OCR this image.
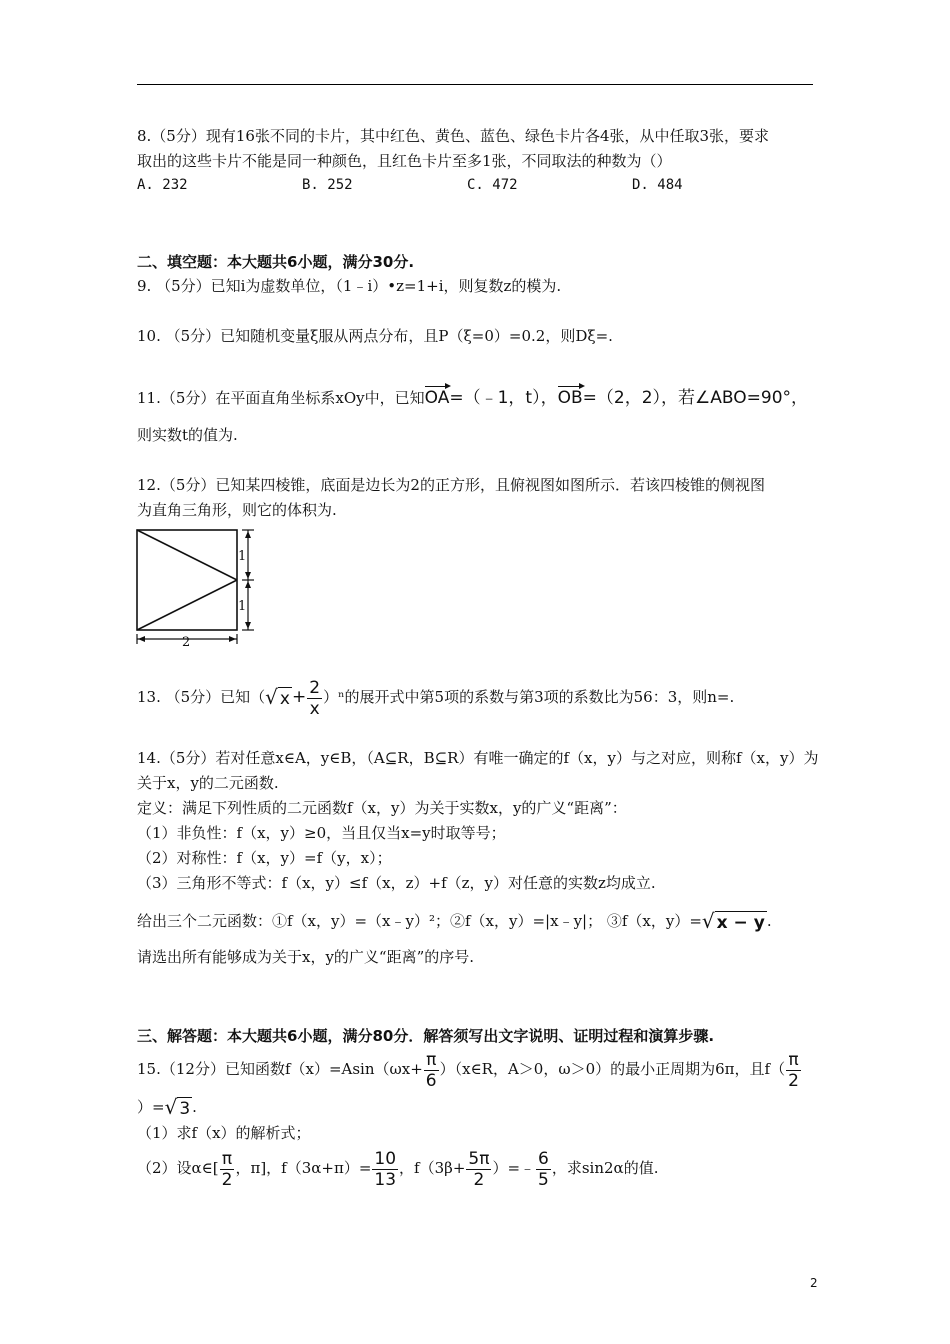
8.（5分）现有16张不同的卡片，其中红色、黄色、蓝色、绿色卡片各4张，从中任取3张，要求
取出的这些卡片不能是同一种颜色，且红色卡片至多1张，不同取法的种数为（）
A. 232	B. 252	C. 472	D. 484
二、填空题：本大题共6小题，满分30分.
9. （5分）已知i为虚数单位，（1﹣i）•z=1+i，则复数z的模为.
10. （5分）已知随机变量ξ服从两点分布，且P（ξ=0）=0.2，则Dξ=.
11.（5分）在平面直角坐标系xOy中，已知OA=（﹣1，t），OB=（2，2），若∠ABO=90°，
则实数t的值为.
12.（5分）已知某四棱锥，底面是边长为2的正方形，且俯视图如图所示．若该四棱锥的侧视图
为直角三角形，则它的体积为.
1
1
2
13. （5分）已知（√ $x + \frac{2}{x} )^n$的展开式中第5项的系数与第3项的系数比为56：3，则n=.
14.（5分）若对任意x∈A，y∈B，（A⊆R，B⊆R）有唯一确定的f（x，y）与之对应，则称f（x，y）为
关于x，y的二元函数.
定义：满足下列性质的二元函数f（x，y）为关于实数x，y的广义“距离”：
（1）非负性：f（x，y）≥0，当且仅当x=y时取等号；
（2）对称性：f（x，y）=f（y，x）；
（3）三角形不等式：f（x，y）≤f（x，z）+f（z，y）对任意的实数z均成立.
给出三个二元函数：①f（x，y）=（x﹣y）²；②f（x，y）=|x﹣y|； ③f（x，y）=√ x − y .
请选出所有能够成为关于x，y的广义“距离”的序号.
三、解答题：本大题共6小题，满分80分．解答须写出文字说明、证明过程和演算步骤.
15.（12分）已知函数$f(x)=Asin(\omega x+ \frac{\pi}{6}$ ）（x∈R，A＞0，ω＞0）的最小正周期为6π，且$f( \frac{\pi}{2}$
）=√ 3 .
（1）求f（x）的解析式；
（2）设α∈[ $\frac{\pi}{2}$ ，π]，$f(3\alpha+\pi)= \frac{10}{13}$ ，$f(3\beta+ \frac{5\pi}{2}$ ）=﹣ $\frac{6}{5}$ ，求sin2α的值.
2
